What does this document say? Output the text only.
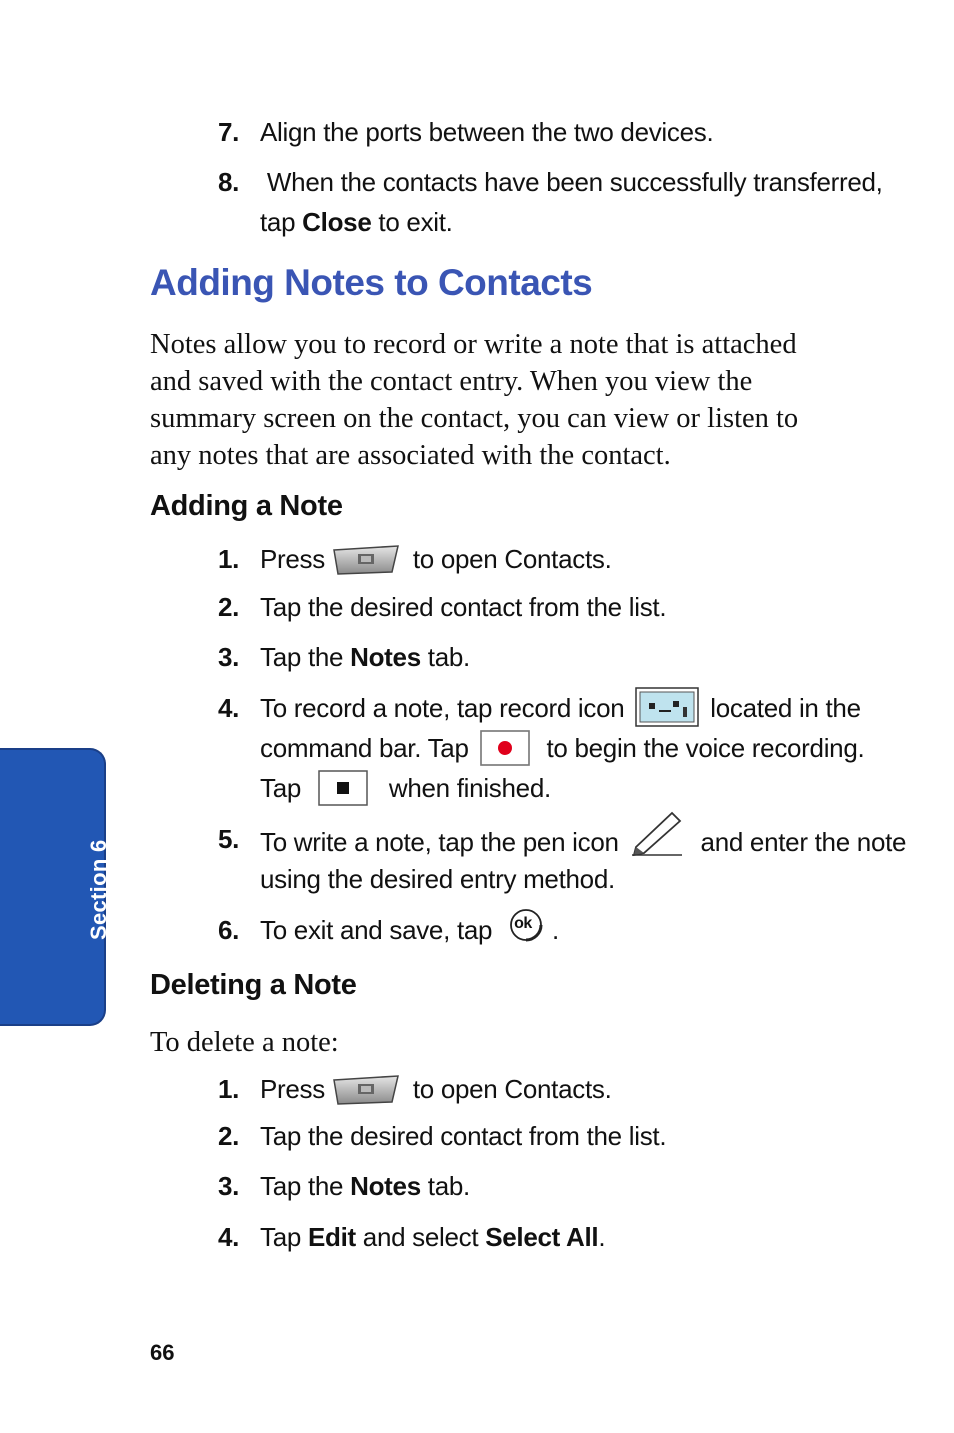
7. Align the ports between the two devices.
8. When the contacts have been successfully transferred,
tap Close to exit.
Adding Notes to Contacts
Notes allow you to record or write a note that is attached
and saved with the contact entry. When you view the
summary screen on the contact, you can view or listen to
any notes that are associated with the contact.
Adding a Note
1. Press	to open Contacts.
2. Tap the desired contact from the list.
3. Tap the Notes tab.
4. To record a note, tap record icon	located in the
command bar. Tap
to begin the voice recording.
Tap	when finished.
5. To write a note, tap the pen icon	and enter the note
using the desired entry method.
6. To exit and save, tap ok .
Deleting a Note
To delete a note:
1. Press	to open Contacts.
2. Tap the desired contact from the list.
3. Tap the Notes tab.
4. Tap Edit and select Select All.
Section 6
66
